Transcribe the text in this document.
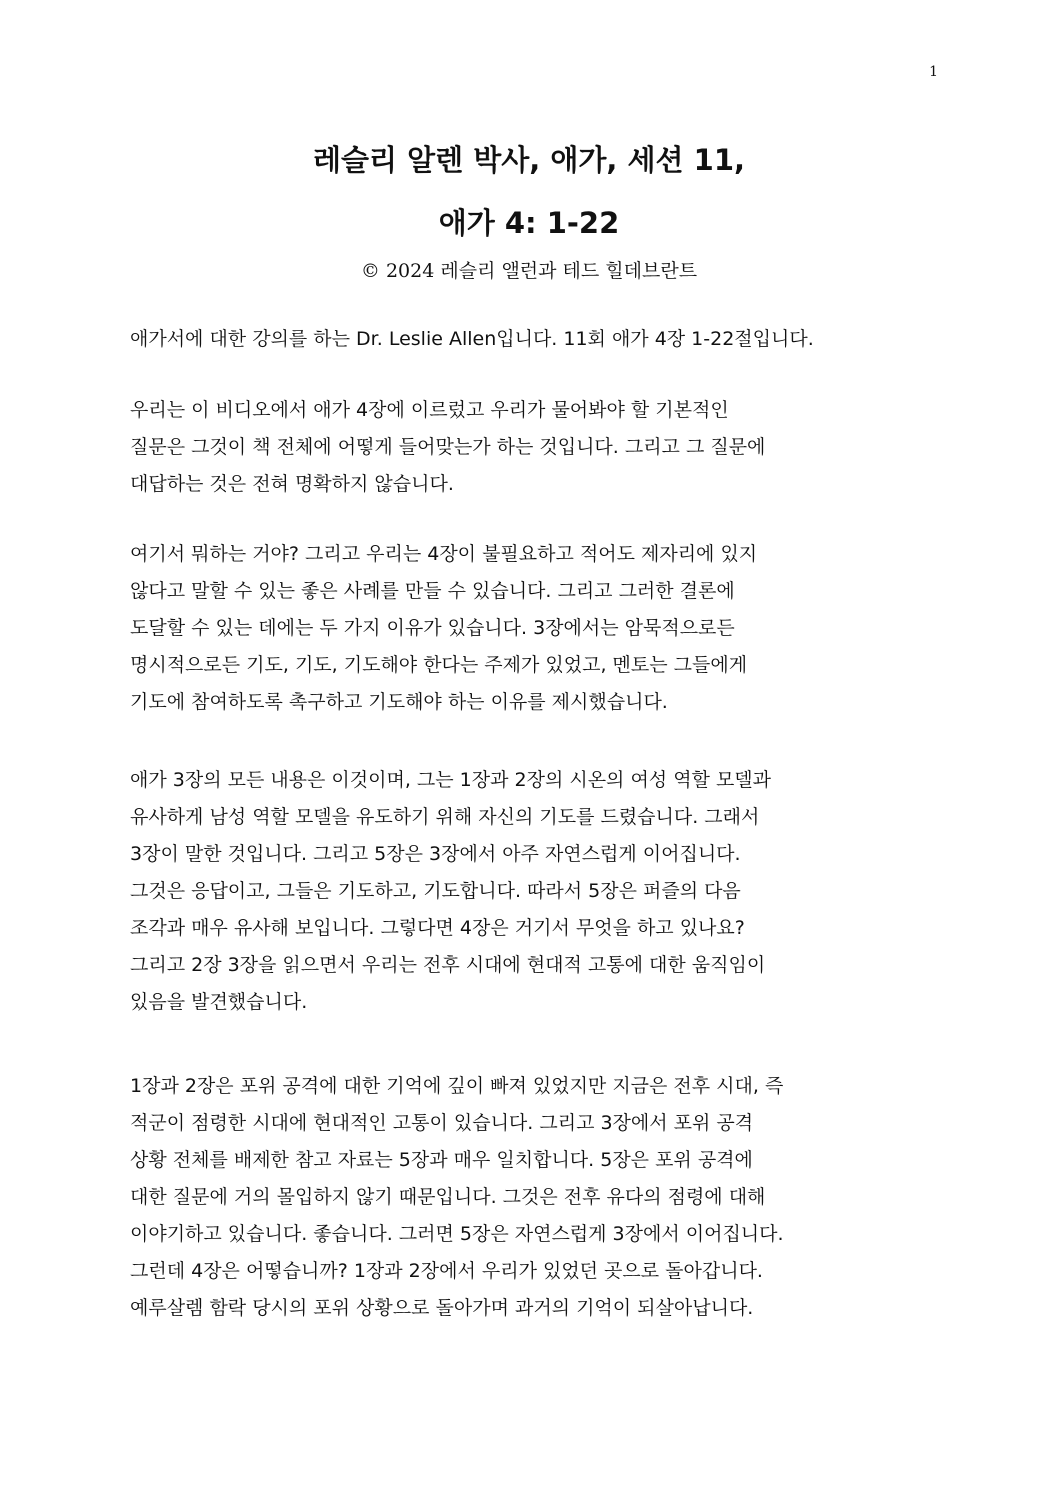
1
레슬리 알렌 박사, 애가, 세션 11,
애가 4: 1-22
© 2024 레슬리 앨런과 테드 힐데브란트
애가서에 대한 강의를 하는 Dr. Leslie Allen입니다. 11회 애가 4장 1-22절입니다.
우리는 이 비디오에서 애가 4장에 이르렀고 우리가 물어봐야 할 기본적인
질문은 그것이 책 전체에 어떻게 들어맞는가 하는 것입니다. 그리고 그 질문에
대답하는 것은 전혀 명확하지 않습니다.
여기서 뭐하는 거야? 그리고 우리는 4장이 불필요하고 적어도 제자리에 있지
않다고 말할 수 있는 좋은 사례를 만들 수 있습니다. 그리고 그러한 결론에
도달할 수 있는 데에는 두 가지 이유가 있습니다. 3장에서는 암묵적으로든
명시적으로든 기도, 기도, 기도해야 한다는 주제가 있었고, 멘토는 그들에게
기도에 참여하도록 촉구하고 기도해야 하는 이유를 제시했습니다.
애가 3장의 모든 내용은 이것이며, 그는 1장과 2장의 시온의 여성 역할 모델과
유사하게 남성 역할 모델을 유도하기 위해 자신의 기도를 드렸습니다. 그래서
3장이 말한 것입니다. 그리고 5장은 3장에서 아주 자연스럽게 이어집니다.
그것은 응답이고, 그들은 기도하고, 기도합니다. 따라서 5장은 퍼즐의 다음
조각과 매우 유사해 보입니다. 그렇다면 4장은 거기서 무엇을 하고 있나요?
그리고 2장 3장을 읽으면서 우리는 전후 시대에 현대적 고통에 대한 움직임이
있음을 발견했습니다.
1장과 2장은 포위 공격에 대한 기억에 깊이 빠져 있었지만 지금은 전후 시대, 즉
적군이 점령한 시대에 현대적인 고통이 있습니다. 그리고 3장에서 포위 공격
상황 전체를 배제한 참고 자료는 5장과 매우 일치합니다. 5장은 포위 공격에
대한 질문에 거의 몰입하지 않기 때문입니다. 그것은 전후 유다의 점령에 대해
이야기하고 있습니다. 좋습니다. 그러면 5장은 자연스럽게 3장에서 이어집니다.
그런데 4장은 어떻습니까? 1장과 2장에서 우리가 있었던 곳으로 돌아갑니다.
예루살렘 함락 당시의 포위 상황으로 돌아가며 과거의 기억이 되살아납니다.
